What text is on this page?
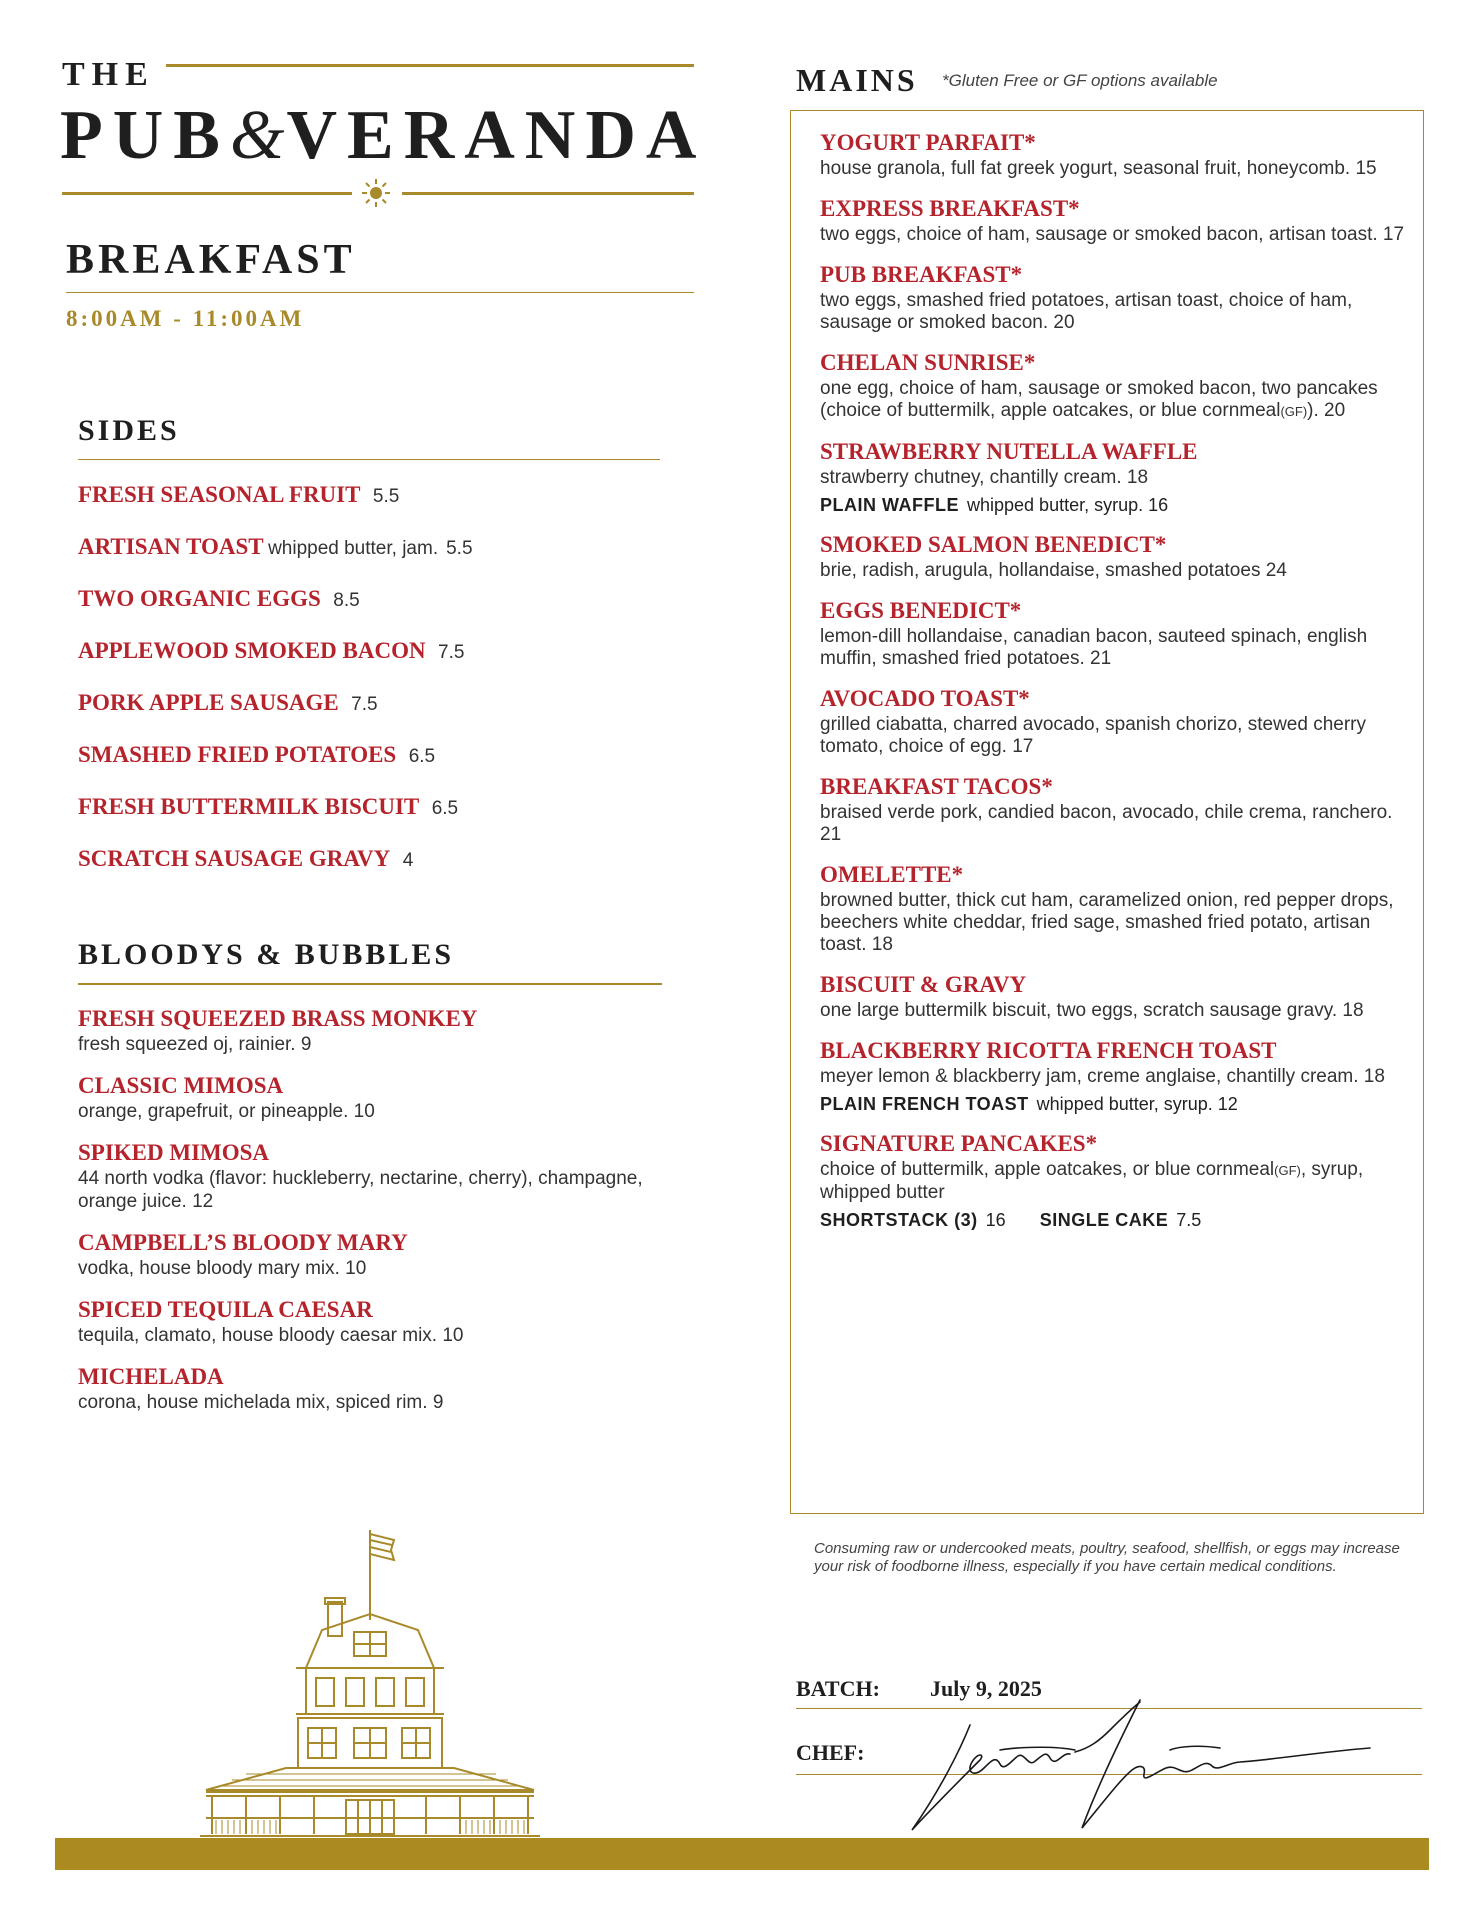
THE
PUB&VERANDA
BREAKFAST
8:00AM - 11:00AM
SIDES
FRESH SEASONAL FRUIT 5.5
ARTISAN TOAST whipped butter, jam. 5.5
TWO ORGANIC EGGS 8.5
APPLEWOOD SMOKED BACON 7.5
PORK APPLE SAUSAGE 7.5
SMASHED FRIED POTATOES 6.5
FRESH BUTTERMILK BISCUIT 6.5
SCRATCH SAUSAGE GRAVY 4
BLOODYS & BUBBLES
FRESH SQUEEZED BRASS MONKEY
fresh squeezed oj, rainier. 9
CLASSIC MIMOSA
orange, grapefruit, or pineapple. 10
SPIKED MIMOSA
44 north vodka (flavor: huckleberry, nectarine, cherry), champagne, orange juice. 12
CAMPBELL’S BLOODY MARY
vodka, house bloody mary mix. 10
SPICED TEQUILA CAESAR
tequila, clamato, house bloody caesar mix. 10
MICHELADA
corona, house michelada mix, spiced rim. 9
MAINS *Gluten Free or GF options available
YOGURT PARFAIT*
house granola, full fat greek yogurt, seasonal fruit, honeycomb. 15
EXPRESS BREAKFAST*
two eggs, choice of ham, sausage or smoked bacon, artisan toast. 17
PUB BREAKFAST*
two eggs, smashed fried potatoes, artisan toast, choice of ham, sausage or smoked bacon. 20
CHELAN SUNRISE*
one egg, choice of ham, sausage or smoked bacon, two pancakes (choice of buttermilk, apple oatcakes, or blue cornmeal(GF)). 20
STRAWBERRY NUTELLA WAFFLE
strawberry chutney, chantilly cream. 18
PLAIN WAFFLE whipped butter, syrup. 16
SMOKED SALMON BENEDICT*
brie, radish, arugula, hollandaise, smashed potatoes 24
EGGS BENEDICT*
lemon-dill hollandaise, canadian bacon, sauteed spinach, english muffin, smashed fried potatoes. 21
AVOCADO TOAST*
grilled ciabatta, charred avocado, spanish chorizo, stewed cherry tomato, choice of egg. 17
BREAKFAST TACOS*
braised verde pork, candied bacon, avocado, chile crema, ranchero. 21
OMELETTE*
browned butter, thick cut ham, caramelized onion, red pepper drops, beechers white cheddar, fried sage, smashed fried potato, artisan toast. 18
BISCUIT & GRAVY
one large buttermilk biscuit, two eggs, scratch sausage gravy. 18
BLACKBERRY RICOTTA FRENCH TOAST
meyer lemon & blackberry jam, creme anglaise, chantilly cream. 18
PLAIN FRENCH TOAST whipped butter, syrup. 12
SIGNATURE PANCAKES*
choice of buttermilk, apple oatcakes, or blue cornmeal(GF), syrup, whipped butter
SHORTSTACK (3) 16 SINGLE CAKE 7.5
Consuming raw or undercooked meats, poultry, seafood, shellfish, or eggs may increase your risk of foodborne illness, especially if you have certain medical conditions.
BATCH: July 9, 2025
CHEF:
